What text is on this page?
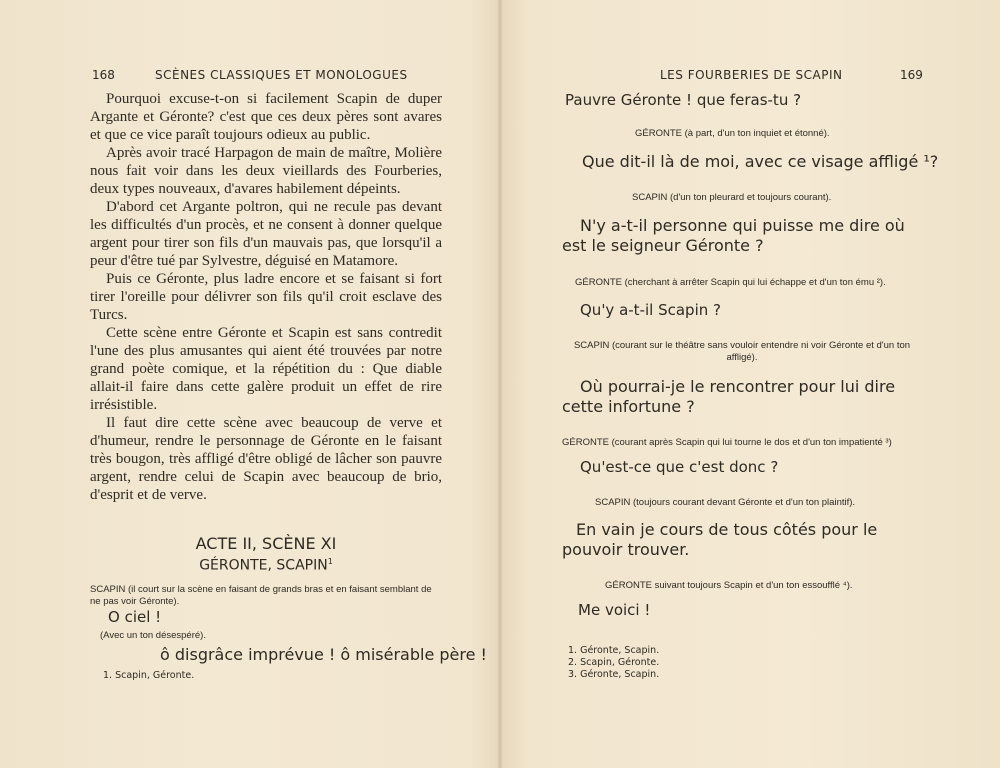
168	SCÈNES CLASSIQUES ET MONOLOGUES

Pourquoi excuse-t-on si facilement Scapin de duper Argante et Géronte? c'est que ces deux pères sont avares et que ce vice paraît toujours odieux au public.

Après avoir tracé Harpagon de main de maître, Molière nous fait voir dans les deux vieillards des Fourberies, deux types nouveaux, d'avares habilement dépeints.

D'abord cet Argante poltron, qui ne recule pas devant les difficultés d'un procès, et ne consent à donner quelque argent pour tirer son fils d'un mauvais pas, que lorsqu'il a peur d'être tué par Sylvestre, déguisé en Matamore.

Puis ce Géronte, plus ladre encore et se faisant si fort tirer l'oreille pour délivrer son fils qu'il croit esclave des Turcs.

Cette scène entre Géronte et Scapin est sans contredit l'une des plus amusantes qui aient été trouvées par notre grand poète comique, et la répétition du : Que diable allait-il faire dans cette galère produit un effet de rire irrésistible.

Il faut dire cette scène avec beaucoup de verve et d'humeur, rendre le personnage de Géronte en le faisant très bougon, très affligé d'être obligé de lâcher son pauvre argent, rendre celui de Scapin avec beaucoup de brio, d'esprit et de verve.

ACTE II, SCÈNE XI
GÉRONTE, SCAPIN$^1$
SCAPIN (il court sur la scène en faisant de grands bras et en faisant semblant de ne pas voir Géronte).
O ciel !
(Avec un ton désespéré).
ô disgrâce imprévue ! ô misérable père !
1. Scapin, Géronte.
LES FOURBERIES DE SCAPIN	169
Pauvre Géronte ! que feras-tu ?
GÉRONTE (à part, d'un ton inquiet et étonné).
Que dit-il là de moi, avec ce visage affligé ¹?
SCAPIN (d'un ton pleurard et toujours courant).
N'y a-t-il personne qui puisse me dire où est le seigneur Géronte ?
GÉRONTE (cherchant à arrêter Scapin qui lui échappe et d'un ton ému ²).
Qu'y a-t-il Scapin ?
SCAPIN (courant sur le théâtre sans vouloir entendre ni voir Géronte et d'un ton affligé).
Où pourrai-je le rencontrer pour lui dire cette infortune ?
GÉRONTE (courant après Scapin qui lui tourne le dos et d'un ton impatienté ³)
Qu'est-ce que c'est donc ?
SCAPIN (toujours courant devant Géronte et d'un ton plaintif).
En vain je cours de tous côtés pour le pouvoir trouver.
GÉRONTE suivant toujours Scapin et d'un ton essoufflé ⁴).
Me voici !
1. Géronte, Scapin.
2. Scapin, Géronte.
3. Géronte, Scapin.
